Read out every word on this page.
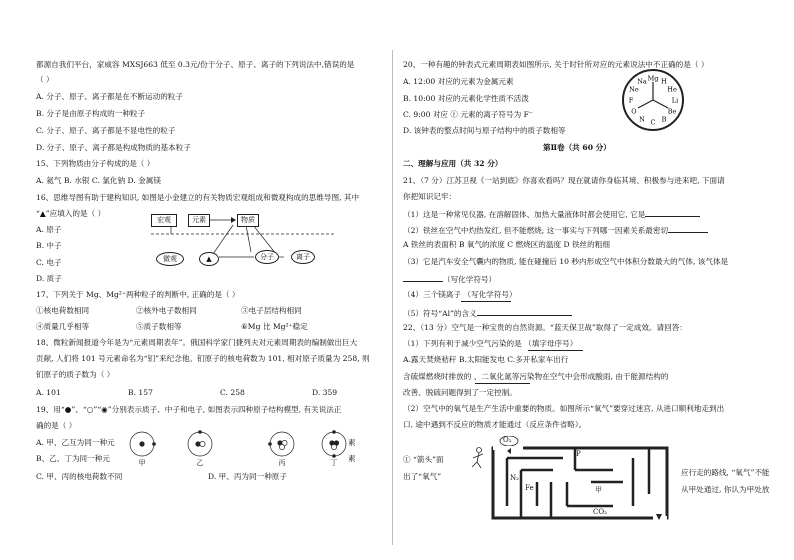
都源自我们平台，家威容 MXSJ663 低至 0.3元/份于分子、原子、离子的下列说法中,错误的是
（ ）
A. 分子、原子、离子都是在不断运动的粒子
B. 分子是由原子构成的一种粒子
C. 分子、原子、离子都是不显电性的粒子
D. 分子、原子、离子都是构成物质的基本粒子
15、下列物质由分子构成的是（ ）
A. 氦气 B. 水银 C. 氯化钠 D. 金属镁
16、思维导图有助于建构知识, 如图是小金建立的有关物质宏观组成和微观构成的思维导图, 其中
“▲”应填入的是（ ）
A. 原子
B. 中子
C. 电子
D. 质子
宏观	元素	物质
微观	▲	分子	离子
17、下列关于 Mg、Mg²⁺两种粒子的判断中, 正确的是（ ）
①核电荷数相同	②核外电子数相同	③电子层结构相同
④质量几乎相等	⑤质子数相等	⑥Mg 比 Mg²⁺稳定
18、微粒新闻报道今年是为“元素周期表年”。俄国科学家门捷列夫对元素周期表的编制做出巨大
贡献, 人们将 101 号元素命名为“钔”来纪念他。钔原子的核电荷数为 101, 相对原子质量为 258, 则
钔原子的质子数为（ ）
A. 101	B. 157	C. 258	D. 359
19、用“●”、“○”“◉”分别表示质子、中子和电子, 如图表示四种原子结构模型, 有关说法正
确的是（ ）
A. 甲、乙互为同一种元
B、乙、丁为同一种元
C. 甲、丙的核电荷数不同	D. 甲、丙为同一种原子
素
素
甲	乙	丙	丁
20、一种有趣的钟表式元素周期表如图所示, 关于时针所对应的元素说法中不正确的是（ ）
A. 12:00 对应的元素为金属元素
B. 10:00 对应的元素化学性质不活泼
C. 9:00 对应 ⓕ 元素的离子符号为 F⁻
D. 该钟表的整点时间与原子结构中的质子数相等
Mg H
He
Li
Be
B
C
N
O
F
Ne
Na
第Ⅱ卷（共 60 分）
二、理解与应用（共 32 分）
21、（7 分）江苏卫视《一站到底》你喜欢看吗？现在就请你身临其境、积极参与进来吧, 下面请
你把知识记牢：
（1）这是一种常见仪器, 在溶解固体、加热大量液体时都会使用它, 它是
（2）铁丝在空气中灼热发红, 但不能燃烧, 这一事实与下列哪一因素关系最密切
A 铁丝的表面积 B 氧气的浓度 C 燃烧区的温度 D 铁丝的粗细
（3）它是汽车安全气囊内的物质, 能在碰撞后 10 秒内形成空气中体积分数最大的气体, 该气体是
（写化学符号）
（4）三个镁离子 （写化学符号）
（5）符号“Al”的含义
22、（13 分）空气是一种宝贵的自然资源。“蓝天保卫战”取得了一定成效。请回答：
（1）下列有利于减少空气污染的是 （填字母序号）
A.露天焚烧秸秆 B.太阳能发电 C.多开私家车出行
含硫煤燃烧时排放的 、二氧化氮等污染物在空气中会形成酸雨, 由于能源结构的
改善、脱硫问题得到了一定控制。
（2）空气中的氧气是生产生活中重要的物质。如图所示“氧气”要穿过迷宫, 从进口顺利地走到出
口, 途中遇到不反应的物质才能通过（反应条件省略）。
① “箭头”面
出了“氧气”	应行走的路线, “氧气”不能
从甲处通过, 你认为甲处放
O₂
P
N₂
Fe	甲
CO₂
